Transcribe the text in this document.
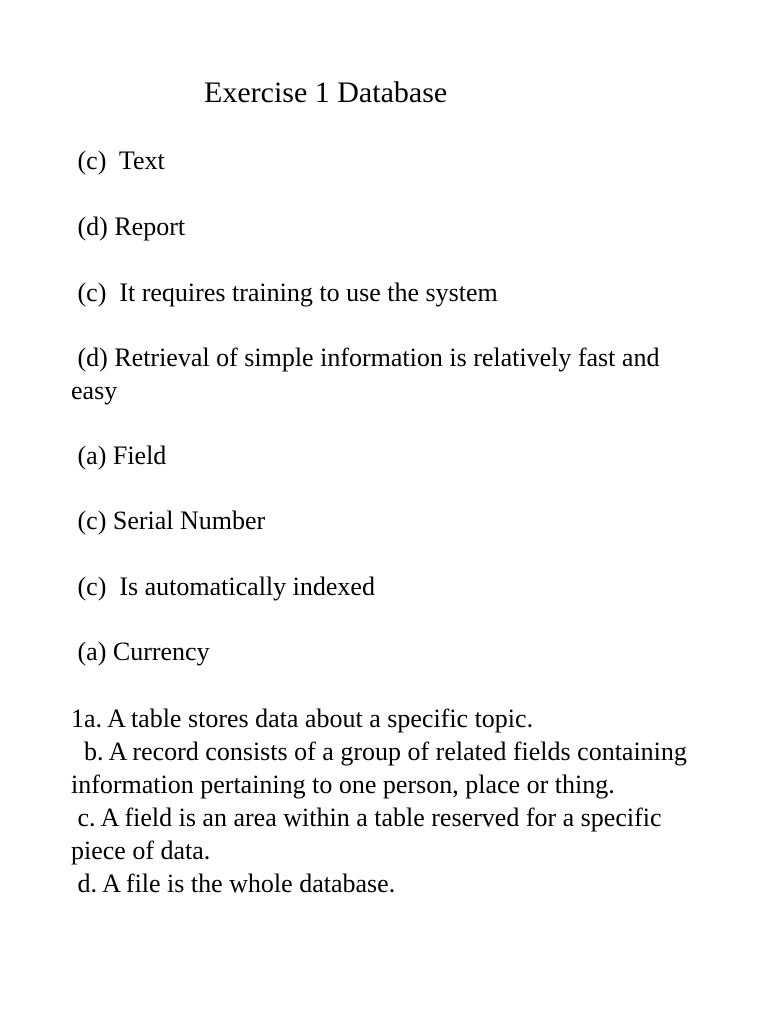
Exercise 1 Database
(c)  Text
(d) Report
(c)  It requires training to use the system
(d) Retrieval of simple information is relatively fast and easy
(a) Field
(c) Serial Number
(c)  Is automatically indexed
(a) Currency
1a. A table stores data about a specific topic.
b. A record consists of a group of related fields containing information pertaining to one person, place or thing.
c. A field is an area within a table reserved for a specific piece of data.
d. A file is the whole database.
